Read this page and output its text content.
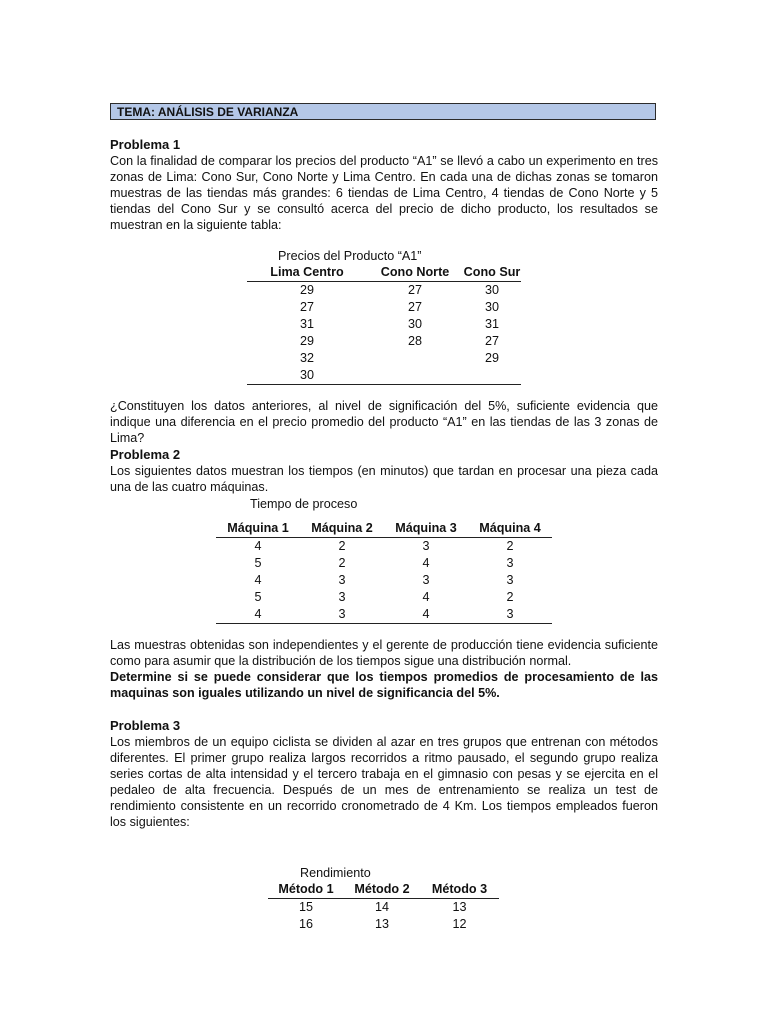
TEMA: ANÁLISIS DE VARIANZA
Problema 1
Con la finalidad de comparar los precios del producto “A1” se llevó a cabo un experimento en tres zonas de Lima: Cono Sur, Cono Norte y Lima Centro. En cada una de dichas zonas se tomaron muestras de las tiendas más grandes: 6 tiendas de Lima Centro, 4 tiendas de Cono Norte y 5 tiendas del Cono Sur y se consultó acerca del precio de dicho producto, los resultados se muestran en la siguiente tabla:
Precios del Producto “A1”
Lima Centro	Cono Norte	Cono Sur
29	27	30
27	27	30
31	30	31
29	28	27
32		29
30		
¿Constituyen los datos anteriores, al nivel de significación del 5%, suficiente evidencia que indique una diferencia en el precio promedio del producto “A1” en las tiendas de las 3 zonas de Lima?
Problema 2
Los siguientes datos muestran los tiempos (en minutos) que tardan en procesar una pieza cada una de las cuatro máquinas.
Tiempo de proceso
Máquina 1	Máquina 2	Máquina 3	Máquina 4
4	2	3	2
5	2	4	3
4	3	3	3
5	3	4	2
4	3	4	3
Las muestras obtenidas son independientes y el gerente de producción tiene evidencia suficiente como para asumir que la distribución de los tiempos sigue una distribución normal.
Determine si se puede considerar que los tiempos promedios de procesamiento de las maquinas son iguales utilizando un nivel de significancia del 5%.
Problema 3
Los miembros de un equipo ciclista se dividen al azar en tres grupos que entrenan con métodos diferentes. El primer grupo realiza largos recorridos a ritmo pausado, el segundo grupo realiza series cortas de alta intensidad y el tercero trabaja en el gimnasio con pesas y se ejercita en el pedaleo de alta frecuencia. Después de un mes de entrenamiento se realiza un test de rendimiento consistente en un recorrido cronometrado de 4 Km. Los tiempos empleados fueron los siguientes:
Rendimiento
Método 1	Método 2	Método 3
15	14	13
16	13	12
